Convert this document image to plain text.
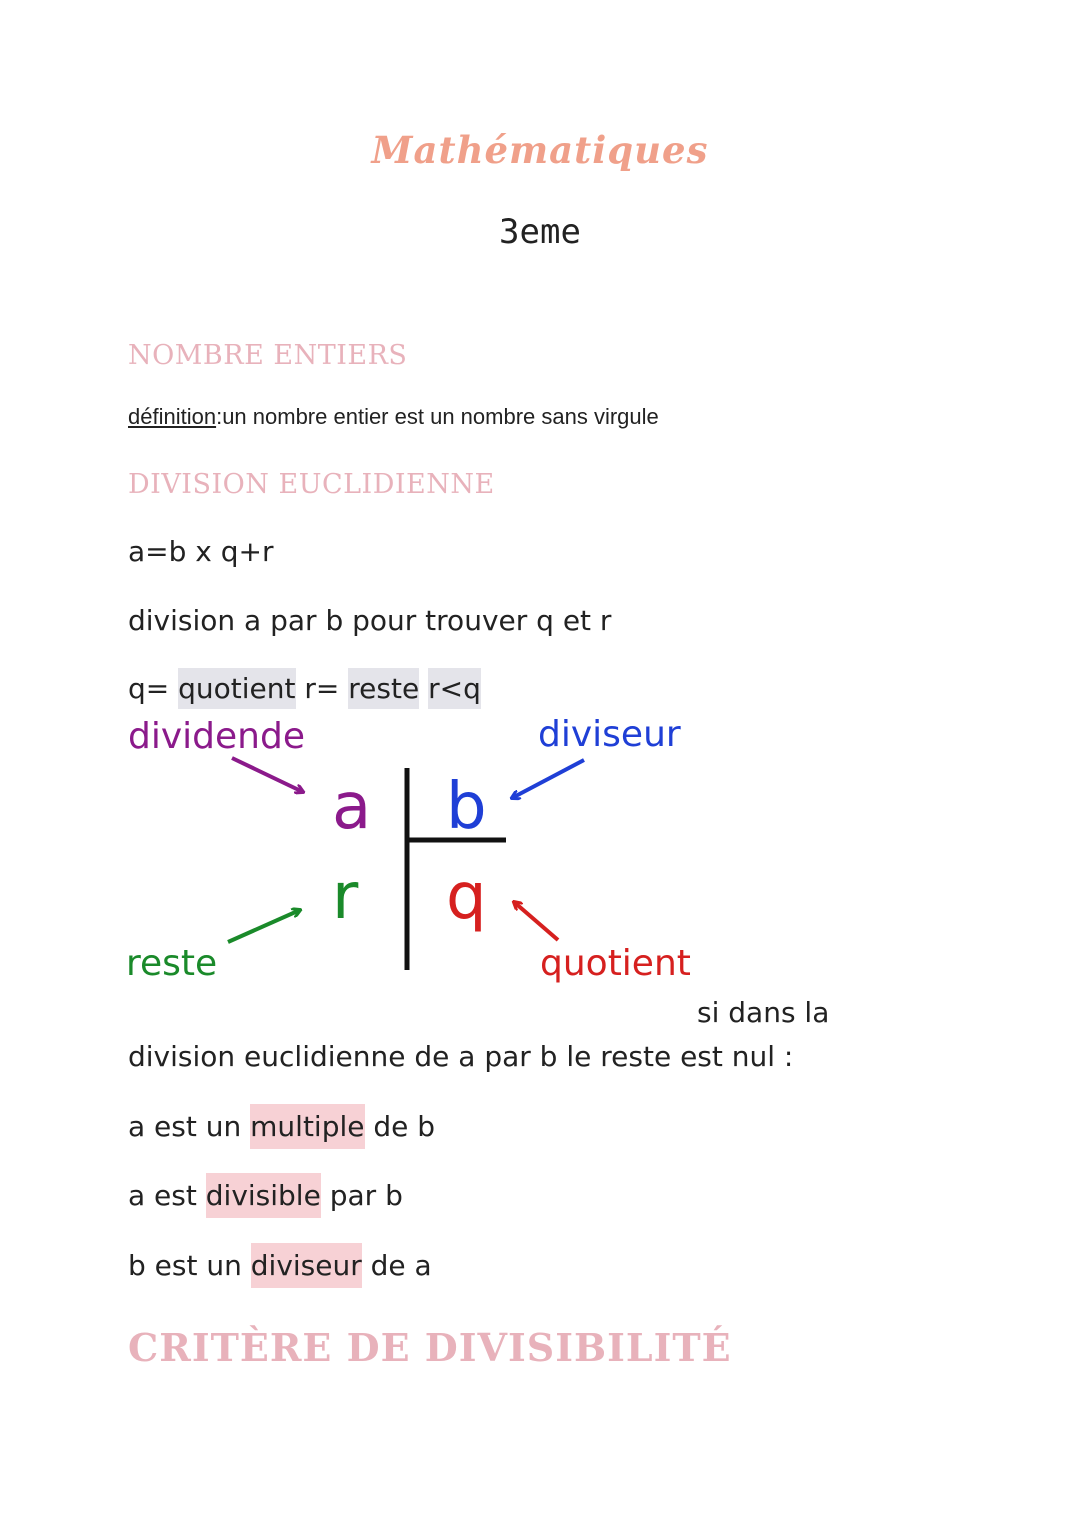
Mathématiques
3eme
NOMBRE ENTIERS
définition:un nombre entier est un nombre sans virgule
DIVISION EUCLIDIENNE
a=b x q+r
division a par b pour trouver q et r
q= quotient r= reste r<q
dividende	diviseur
reste	quotient
a b
r q
si dans la
division euclidienne de a par b le reste est nul :
a est un multiple de b
a est divisible par b
b est un diviseur de a
CRITÈRE DE DIVISIBILITÉ
